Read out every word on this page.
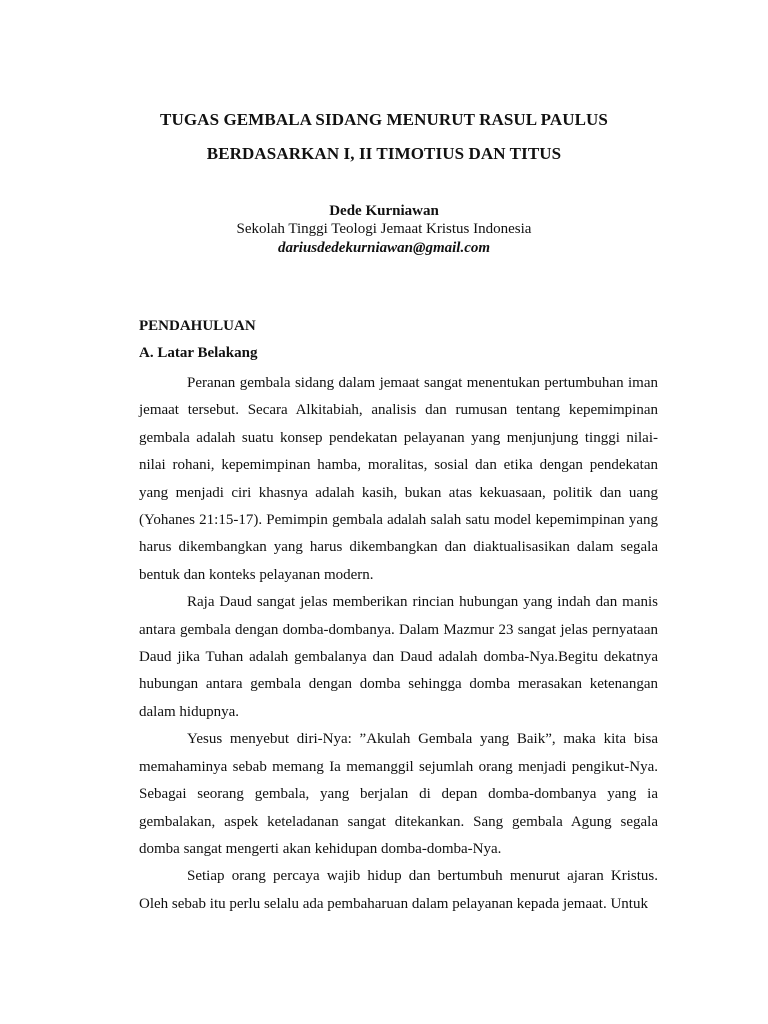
TUGAS GEMBALA SIDANG MENURUT RASUL PAULUS
BERDASARKAN I, II TIMOTIUS DAN TITUS
Dede Kurniawan
Sekolah Tinggi Teologi Jemaat Kristus Indonesia
dariusdedekurniawan@gmail.com
PENDAHULUAN
A. Latar Belakang

Peranan gembala sidang dalam jemaat sangat menentukan pertumbuhan iman jemaat tersebut. Secara Alkitabiah, analisis dan rumusan tentang kepemimpinan gembala adalah suatu konsep pendekatan pelayanan yang menjunjung tinggi nilai-nilai rohani, kepemimpinan hamba, moralitas, sosial dan etika dengan pendekatan yang menjadi ciri khasnya adalah kasih, bukan atas kekuasaan, politik dan uang (Yohanes 21:15-17). Pemimpin gembala adalah salah satu model kepemimpinan yang harus dikembangkan yang harus dikembangkan dan diaktualisasikan dalam segala bentuk dan konteks pelayanan modern.

Raja Daud sangat jelas memberikan rincian hubungan yang indah dan manis antara gembala dengan domba-dombanya. Dalam Mazmur 23 sangat jelas pernyataan Daud jika Tuhan adalah gembalanya dan Daud adalah domba-Nya.Begitu dekatnya hubungan antara gembala dengan domba sehingga domba merasakan ketenangan dalam hidupnya.

Yesus menyebut diri-Nya: ”Akulah Gembala yang Baik”, maka kita bisa memahaminya sebab memang Ia memanggil sejumlah orang menjadi pengikut-Nya. Sebagai seorang gembala, yang berjalan di depan domba-dombanya yang ia gembalakan, aspek keteladanan sangat ditekankan. Sang gembala Agung segala domba sangat mengerti akan kehidupan domba-domba-Nya.

Setiap orang percaya wajib hidup dan bertumbuh menurut ajaran Kristus. Oleh sebab itu perlu selalu ada pembaharuan dalam pelayanan kepada jemaat. Untuk
